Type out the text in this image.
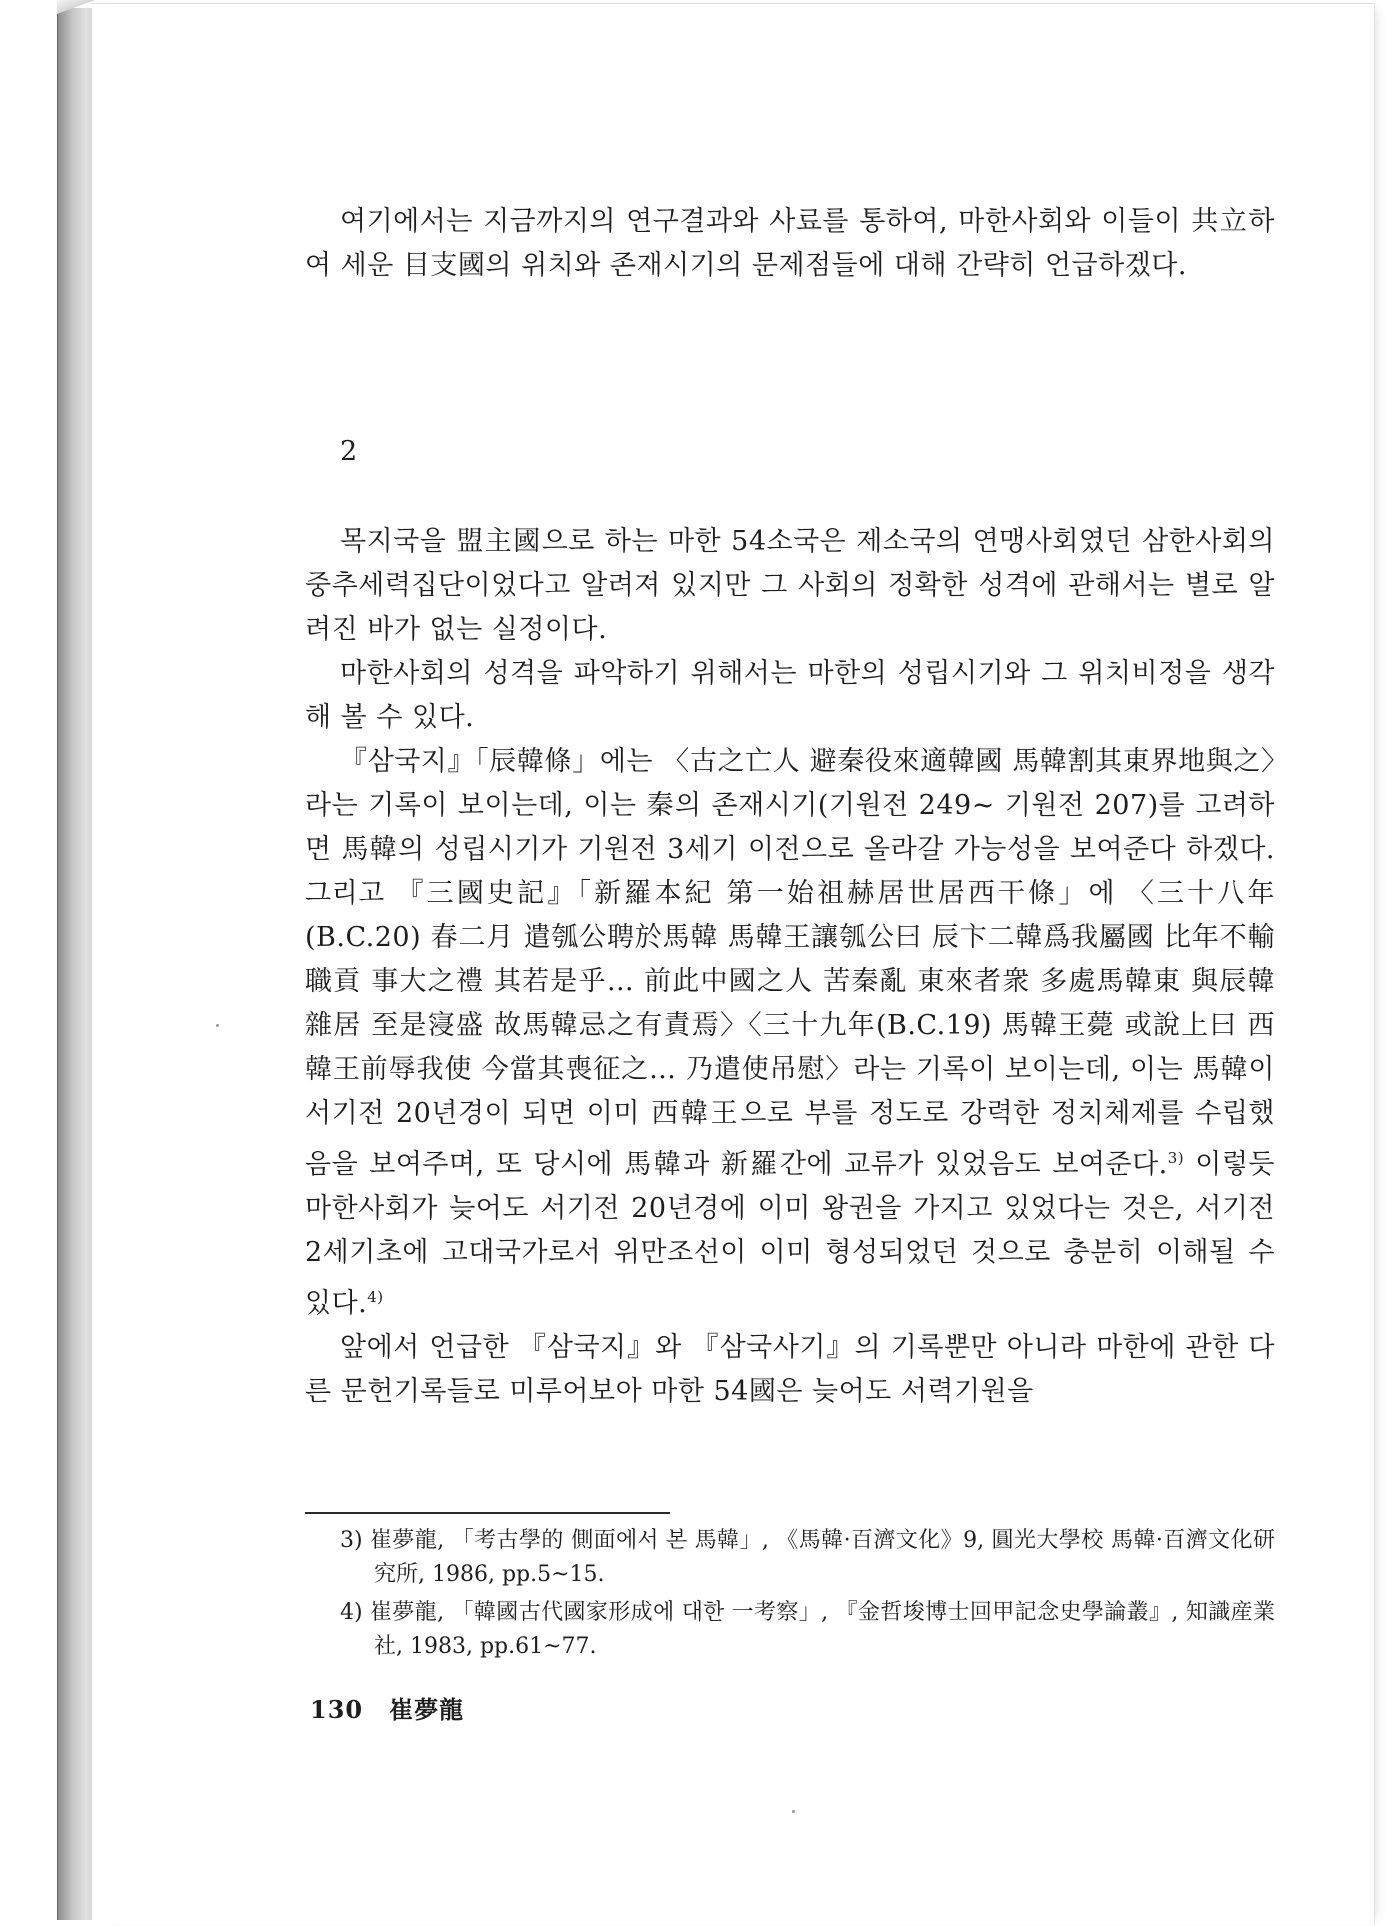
여기에서는 지금까지의 연구결과와 사료를 통하여, 마한사회와 이들이 共立하여 세운 目支國의 위치와 존재시기의 문제점들에 대해 간략히 언급하겠다.

2

목지국을 盟主國으로 하는 마한 54소국은 제소국의 연맹사회였던 삼한사회의 중추세력집단이었다고 알려져 있지만 그 사회의 정확한 성격에 관해서는 별로 알려진 바가 없는 실정이다.

마한사회의 성격을 파악하기 위해서는 마한의 성립시기와 그 위치비정을 생각해 볼 수 있다.

『삼국지』「辰韓條」에는 〈古之亡人 避秦役來適韓國 馬韓割其東界地與之〉라는 기록이 보이는데, 이는 秦의 존재시기(기원전 249~ 기원전 207)를 고려하면 馬韓의 성립시기가 기원전 3세기 이전으로 올라갈 가능성을 보여준다 하겠다. 그리고 『三國史記』「新羅本紀 第一始祖赫居世居西干條」에 〈三十八年(B.C.20) 春二月 遣瓠公聘於馬韓 馬韓王讓瓠公曰 辰卞二韓爲我屬國 比年不輸職貢 事大之禮 其若是乎… 前此中國之人 苦秦亂 東來者衆 多處馬韓東 與辰韓雜居 至是寖盛 故馬韓忌之有責焉〉〈三十九年(B.C.19) 馬韓王薨 或說上曰 西韓王前辱我使 今當其喪征之… 乃遣使吊慰〉라는 기록이 보이는데, 이는 馬韓이 서기전 20년경이 되면 이미 西韓王으로 부를 정도로 강력한 정치체제를 수립했음을 보여주며, 또 당시에 馬韓과 新羅간에 교류가 있었음도 보여준다.$^{3)}$ 이렇듯 마한사회가 늦어도 서기전 20년경에 이미 왕권을 가지고 있었다는 것은, 서기전 2세기초에 고대국가로서 위만조선이 이미 형성되었던 것으로 충분히 이해될 수 있다.$^{4)}$

앞에서 언급한 『삼국지』와 『삼국사기』의 기록뿐만 아니라 마한에 관한 다른 문헌기록들로 미루어보아 마한 54國은 늦어도 서력기원을

3) 崔夢龍, 「考古學的 側面에서 본 馬韓」, 《馬韓·百濟文化》9, 圓光大學校 馬韓·百濟文化研究所, 1986, pp.5~15.

4) 崔夢龍, 「韓國古代國家形成에 대한 一考察」, 『金哲埈博士回甲記念史學論叢』, 知識産業社, 1983, pp.61~77.

130 崔夢龍
